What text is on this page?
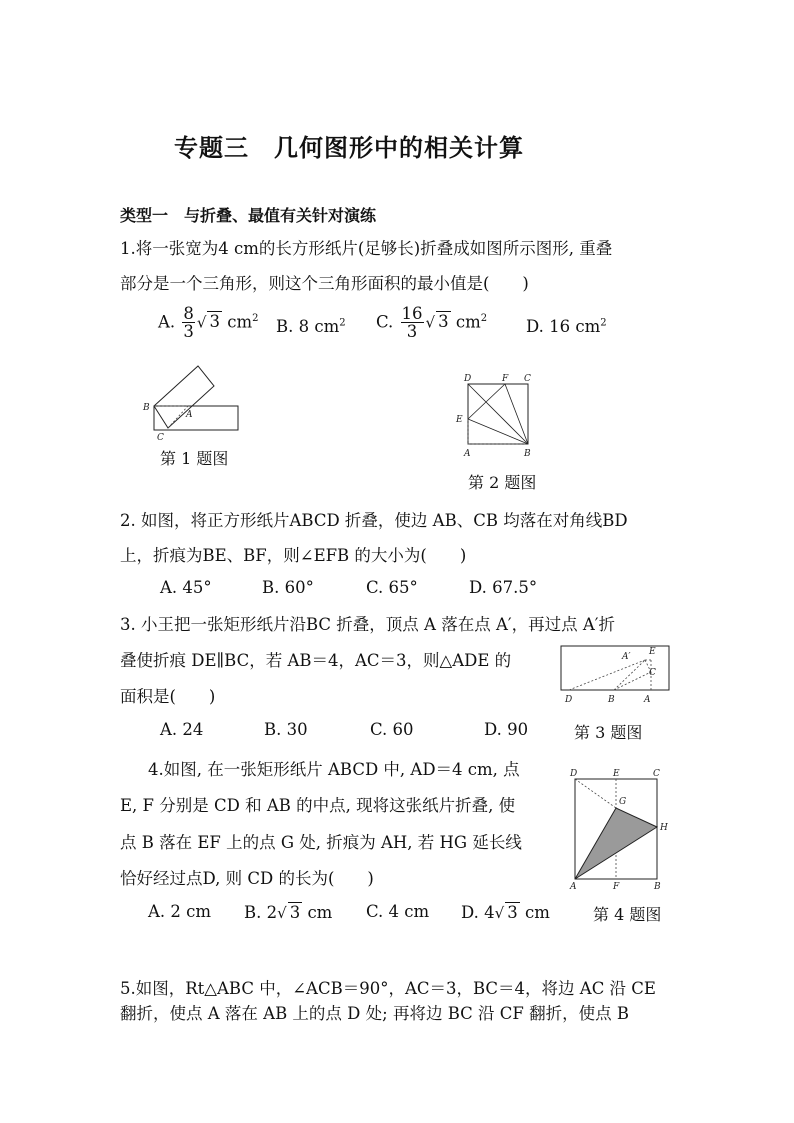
专题三　几何图形中的相关计算
类型一　与折叠、最值有关针对演练
1.将一张宽为4 cm的长方形纸片(足够长)折叠成如图所示图形, 重叠
部分是一个三角形，则这个三角形面积的最小值是(　　)
A. $\frac{8}{3}$ √ 3 $cm^2$ B. 8 $cm^2$ C. $\frac{16}{3}$ √ 3 $cm^2$ D. 16 $cm^2$
B
A
C
第 1 题图
D	F C
E
A	B
第 2 题图
2. 如图，将正方形纸片ABCD 折叠，使边 AB、CB 均落在对角线BD
上，折痕为BE、BF，则∠EFB 的大小为(　　)
A. 45°	B. 60°	C. 65°	D. 67.5°
3. 小王把一张矩形纸片沿BC 折叠，顶点 A 落在点 A′，再过点 A′折
叠使折痕 DE∥BC，若 AB＝4，AC＝3，则△ADE 的
面积是(　　)
A′ E
C
D	B	A
A. 24	B. 30	C. 60	D. 90	第 3 题图
4.如图, 在一张矩形纸片 ABCD 中, AD＝4 cm, 点
E, F 分别是 CD 和 AB 的中点, 现将这张纸片折叠, 使
点 B 落在 EF 上的点 G 处, 折痕为 AH, 若 HG 延长线
恰好经过点D, 则 CD 的长为(　　)
D	E	C
G
H
A	F	B
A. 2 cm B. 2√ 3 cm C. 4 cm D. 4√ 3 cm	第 4 题图
5.如图，Rt△ABC 中，∠ACB＝90°，AC＝3，BC＝4，将边 AC 沿 CE
翻折，使点 A 落在 AB 上的点 D 处; 再将边 BC 沿 CF 翻折，使点 B
